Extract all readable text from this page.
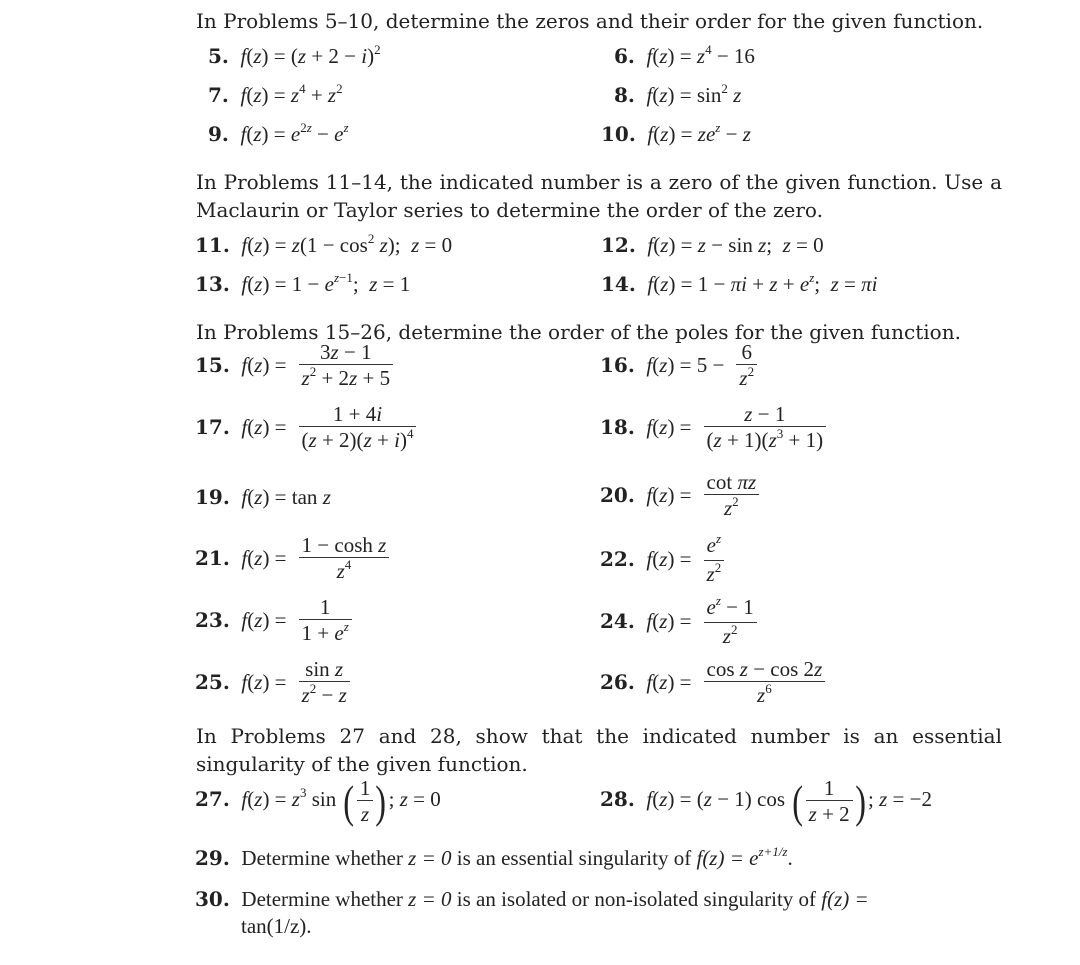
In Problems 5–10, determine the zeros and their order for the given function.
5. $f(z) = (z + 2 - i)^2$	6. $f(z) = z^4 - 16$
7. $f(z) = z^4 + z^2$	8. $f(z) = \sin^2 z$
9. $f(z) = e^{2z} - e^z$	10. $f(z) = ze^z - z$
In Problems 11–14, the indicated number is a zero of the given function. Use a Maclaurin or Taylor series to determine the order of the zero.
11. $f(z) = z(1 - \cos^2 z)$;  z = 0	12. f(z) = z − sin z;  z = 0
13. $f(z) = 1 - e^{z-1}$;  z = 1	14. $f(z) = 1 - \pi i + z + e^z$;  z = πi
In Problems 15–26, determine the order of the poles for the given function.
15. $f(z) = \frac{3z - 1}{z^2 + 2z + 5}$	16. $f(z) = 5 - \frac{6}{z^2}$
17. $f(z) = \frac{1 + 4i}{(z + 2)(z + i)^4}$	18. $f(z) = \frac{z - 1}{(z + 1)(z^3 + 1)}$
19. f(z) = tan z	20. $f(z) = \frac{\text{cot πz}}{z^2}$
21. $f(z) = \frac{\text{1 − cosh z}}{z^4}$	22. $f(z) = \frac{e^z}{z^2}$
23. $f(z) = \frac{1}{1 + e^z}$	24. $f(z) = \frac{e^z - 1}{z^2}$
25. $f(z) = \frac{\text{sin z}}{z^2 - z}$	26. $f(z) = \frac{\text{cos z − cos 2z}}{z^6}$
In Problems 27 and 28, show that the indicated number is an essential singularity of the given function.
27. $f(z) = z^3$ sin ( $\frac{1}{z}$ ) ; z = 0	28. f(z) = (z − 1) cos ( $\frac{1}{z + 2}$ ) ; z = −2
29. Determine whether z = 0 is an essential singularity of $f(z) = e^{z+1/z}$.
30. Determine whether z = 0 is an isolated or non-isolated singularity of f(z) =
tan(1/z).
